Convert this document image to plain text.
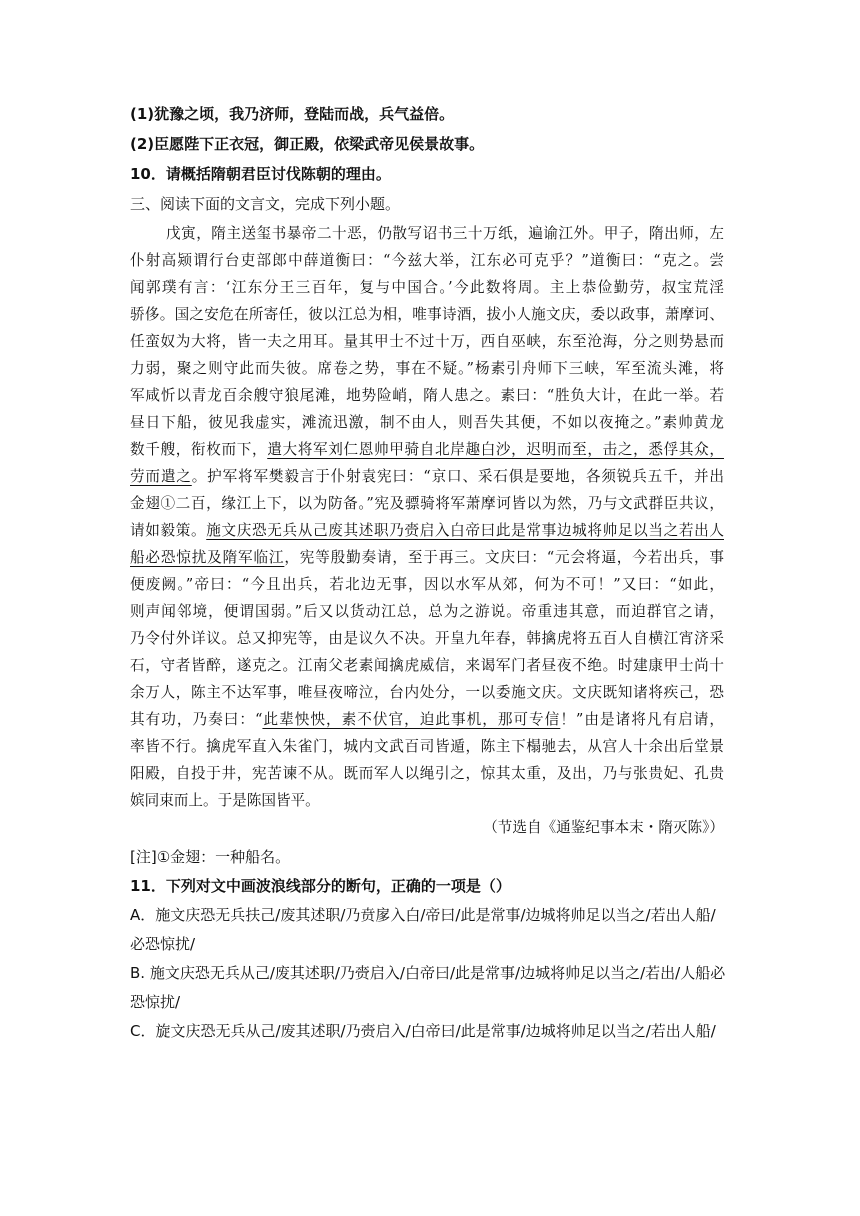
(1)犹豫之顷，我乃济师，登陆而战，兵气益倍。
(2)臣愿陛下正衣冠，御正殿，依梁武帝见侯景故事。
10．请概括隋朝君臣讨伐陈朝的理由。
三、阅读下面的文言文，完成下列小题。
戊寅，隋主送玺书暴帝二十恶，仍散写诏书三十万纸，遍谕江外。甲子，隋出师，左
仆射高颎谓行台吏部郎中薛道衡曰：“今兹大举，江东必可克乎？”道衡曰：“克之。尝
闻郭璞有言：‘江东分王三百年，复与中国合。’今此数将周。主上恭俭勤劳，叔宝荒淫
骄侈。国之安危在所寄任，彼以江总为相，唯事诗酒，拔小人施文庆，委以政事，萧摩诃、
任蛮奴为大将，皆一夫之用耳。量其甲士不过十万，西自巫峡，东至沧海，分之则势悬而
力弱，聚之则守此而失彼。席卷之势，事在不疑。”杨素引舟师下三峡，军至流头滩，将
军咸忻以青龙百余艘守狼尾滩，地势险峭，隋人患之。素曰：“胜负大计，在此一举。若
昼日下船，彼见我虚实，滩流迅激，制不由人，则吾失其便，不如以夜掩之。”素帅黄龙
数千艘，衔枚而下，遣大将军刘仁恩帅甲骑自北岸趣白沙，迟明而至，击之，悉俘其众，
劳而遣之。护军将军樊毅言于仆射袁宪曰：“京口、采石俱是要地，各须锐兵五千，并出
金翅①二百，缘江上下，以为防备。”宪及骠骑将军萧摩诃皆以为然，乃与文武群臣共议，
请如毅策。施文庆恐无兵从己废其述职乃赍启入白帝曰此是常事边城将帅足以当之若出人
船必恐惊扰及隋军临江，宪等殷勤奏请，至于再三。文庆曰：“元会将逼，今若出兵，事
便废阙。”帝曰：“今且出兵，若北边无事，因以水军从郊，何为不可！”又曰：“如此，
则声闻邻境，便谓国弱。”后又以货动江总，总为之游说。帝重违其意，而迫群官之请，
乃令付外详议。总又抑宪等，由是议久不决。开皇九年春，韩擒虎将五百人自横江宵济采
石，守者皆醉，遂克之。江南父老素闻擒虎威信，来谒军门者昼夜不绝。时建康甲士尚十
余万人，陈主不达军事，唯昼夜啼泣，台内处分，一以委施文庆。文庆既知诸将疾己，恐
其有功，乃奏曰：“此辈怏怏，素不伏官，迫此事机，那可专信！”由是诸将凡有启请，
率皆不行。擒虎军直入朱雀门，城内文武百司皆遁，陈主下榻驰去，从宫人十余出后堂景
阳殿，自投于井，宪苦谏不从。既而军人以绳引之，惊其太重，及出，乃与张贵妃、孔贵
嫔同束而上。于是陈国皆平。
（节选自《通鉴纪事本末・隋灭陈》）
[注]①金翅：一种船名。
11．下列对文中画波浪线部分的断句，正确的一项是（）
A．施文庆恐无兵扶己/废其述职/乃贲扅入白/帝曰/此是常事/边城将帅足以当之/若出人船/
必恐惊扰/
B. 施文庆恐无兵从己/废其述职/乃赍启入/白帝曰/此是常事/边城将帅足以当之/若出/人船必
恐惊扰/
C．旋文庆恐无兵从己/废其述职/乃赍启入/白帝曰/此是常事/边城将帅足以当之/若出人船/
